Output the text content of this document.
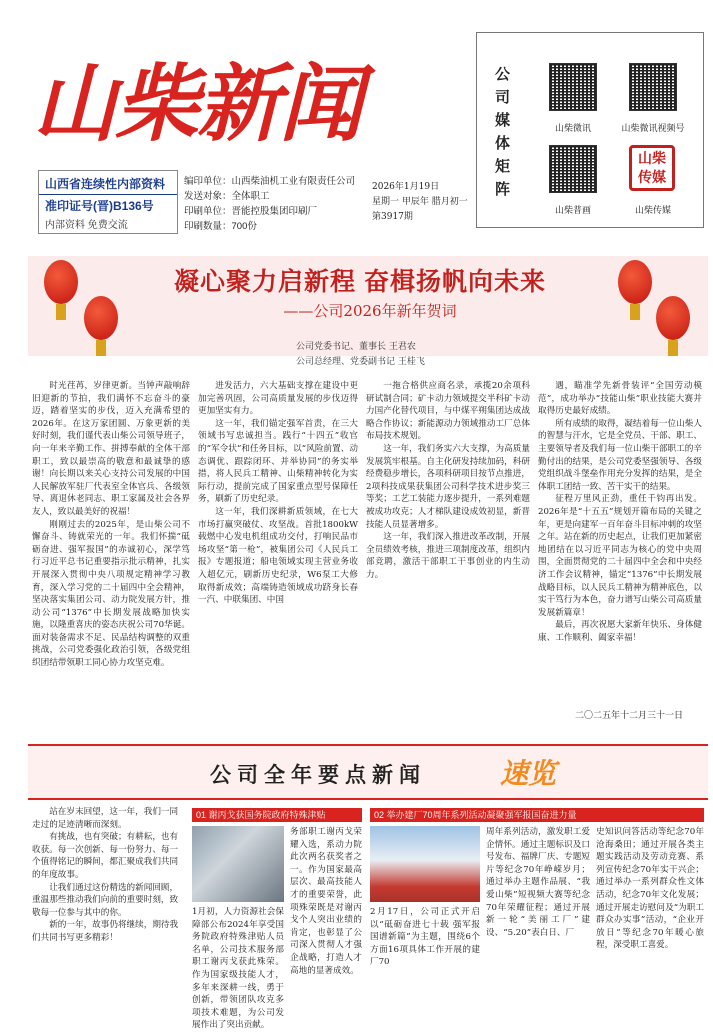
山柴新闻
山西省连续性内部资料
准印证号(晋)B136号
内部资料 免费交流
编印单位：山西柴油机工业有限责任公司
发送对象：全体职工
印刷单位：晋能控股集团印刷厂
印刷数量：700份
2026年1月19日
星期一 甲辰年 腊月初一
第3917期
公司媒体矩阵
山柴微讯	山柴微讯视频号
山柴普画
山柴传媒
山柴传媒
凝心聚力启新程 奋楫扬帆向未来
——公司2026年新年贺词
公司党委书记、董事长 王君农
公司总经理、党委副书记 王桂飞

时光荏苒，岁律更新。当钟声敲响辞旧迎新的节拍，我们满怀不忘奋斗的豪迈，踏着坚实的步伐，迈入充满希望的2026年。在这万家团圆、万象更新的美好时刻，我们谨代表山柴公司领导班子，向一年来辛勤工作、拼搏奉献的全体干部职工，致以最崇高的敬意和最诚挚的感谢！向长期以来关心支持公司发展的中国人民解放军驻厂代表室全体官兵、各级领导、离退休老同志、职工家属及社会各界友人，致以最美好的祝福！

刚刚过去的2025年，是山柴公司不懈奋斗、铸就荣光的一年。我们怀揣“砥砺奋进、强军报国”的赤诚初心，深学笃行习近平总书记重要指示批示精神，扎实开展深入贯彻中央八项规定精神学习教育，深入学习党的二十届四中全会精神，坚决落实集团公司、动力院发展方针，推动公司“1376”中长期发展战略加快实施，以隆重喜庆的姿态庆祝公司70华诞。面对装备需求不足、民品结构调整的双重挑战，公司党委强化政治引领，各级党组织团结带领职工同心协力攻坚克难。

进发活力，六大基础支撑在建设中更加完善巩固，公司高质量发展的步伐迈得更加坚实有力。

这一年，我们锚定强军首责，在三大领域书写忠诚担当。践行“十四五”收官的“军令状”和任务目标，以“风险前置、动态调优、跟踪闭环、并举协同”的务实举措，将人民兵工精神、山柴精神转化为实际行动，提前完成了国家重点型号保障任务，刷新了历史纪录。

这一年，我们深耕新质领域，在七大市场打赢突破仗、攻坚战。首批1800kW载燃中心发电机组成功交付，打响民品市场攻坚“第一枪”，被集团公司《人民兵工报》专题报道；船电领域实现主营业务收入超亿元，刷新历史纪录，W6泵工大修取得新成效；高端铸造领域成功跻身长春一汽、中联集团、中国

一拖合格供应商名录，承揽20余项科研试制合同；矿卡动力领域提交半科矿卡动力国产化替代项目，与中煤平朔集团达成战略合作协议；新能源动力领域推动工厂总体布局技术规划。

这一年，我们务实六大支撑，为高质量发展筑牢根基。自主化研发持续加码，科研经费稳步增长，各项科研项目按节点推进，2项科技成果获集团公司科学技术进步奖三等奖；工艺工装能力逐步提升，一系列难题被成功攻克；人才梯队建设成效初显，新晋技能人员显著增多。

这一年，我们深入推进改革改制，开展全员绩效考核，推进三项制度改革，组织内部竞聘，激活干部职工干事创业的内生动力。

遇，瞄准学先新骨装评“全国劳动模范”，成功举办“技能山柴”职业技能大赛并取得历史最好成绩。

所有成绩的取得，凝结着每一位山柴人的智慧与汗水，它是全党员、干部、职工、主要领导者及我们每一位山柴干部职工的辛勤付出的结果，是公司党委坚强领导、各级党组织战斗堡垒作用充分发挥的结果，是全体职工团结一致、苦干实干的结果。

征程万里风正劲，重任千钧再出发。2026年是“十五五”规划开篇布局的关键之年，更是向建军一百年奋斗目标冲刺的攻坚之年。站在新的历史起点，让我们更加紧密地团结在以习近平同志为核心的党中央周围，全面贯彻党的二十届四中全会和中央经济工作会议精神，锚定“1376”中长期发展战略目标，以人民兵工精神为精神底色，以实干笃行为本色，奋力谱写山柴公司高质量发展新篇章！

最后，再次祝愿大家新年快乐、身体健康、工作顺利、阖家幸福！

二〇二五年十二月三十一日
公司全年要点新闻	速览

站在岁末回望，这一年，我们一同走过的足迹清晰而深刻。

有挑战，也有突破；有耕耘，也有收获。每一次创新、每一份努力、每一个值得铭记的瞬间，都汇聚成我们共同的年度故事。

让我们通过这份精选的新闻回顾，重温那些推动我们向前的重要时刻，致敬每一位参与其中的你。

新的一年，故事仍将继续，期待我们共同书写更多精彩！

01 谢丙戈获国务院政府特殊津贴
1月初，人力资源社会保障部公布2024年享受国务院政府特殊津贴人员名单，公司技术服务部职工谢丙戈获此殊荣。作为国家级技能人才，多年来深耕一线，勇于创新，带领团队攻克多项技术难题，为公司发展作出了突出贡献。
务部职工谢丙戈荣耀入选，系动力院此次两名获奖者之一。作为国家最高层次、最高技能人才的重要荣誉，此项殊荣既是对谢丙戈个人突出业绩的肯定，也彰显了公司深入贯彻人才强企战略，打造人才高地的显著成效。
02 举办建厂70周年系列活动凝聚强军报国奋进力量
2月17日，公司正式开启以“砥砺奋进七十载 强军报国谱新篇”为主题，围绕6个方面16项具体工作开展的建厂70
周年系列活动，激发职工爱企情怀。通过主题标识及口号发布、福牌厂庆、专题短片等纪念70年峥嵘岁月；通过举办主题作品展、“我爱山柴”短视频大赛等纪念70年荣耀征程；通过开展新一轮“美丽工厂”建设、“5.20”表白日、厂
史知识问答活动等纪念70年沧海桑田；通过开展各类主题实践活动及劳动竞赛、系列宣传纪念70年实干兴企；通过举办一系列群众性文体活动，纪念70年文化发展；通过开展走访慰问及“为职工群众办实事”活动，“企业开放日”等纪念70年暖心旅程，深受职工喜爱。
